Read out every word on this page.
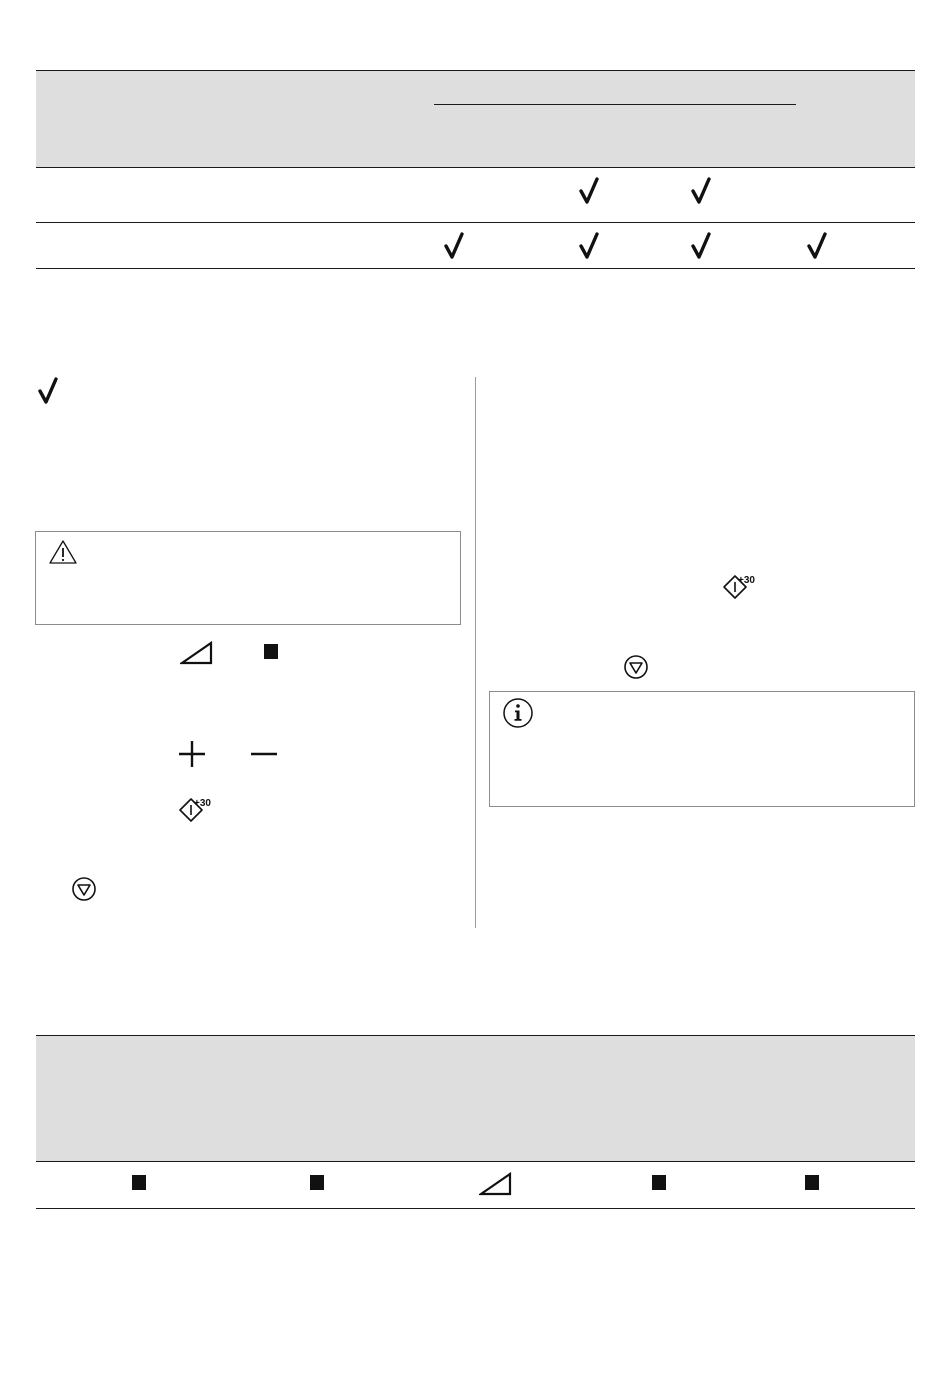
+30
+30
